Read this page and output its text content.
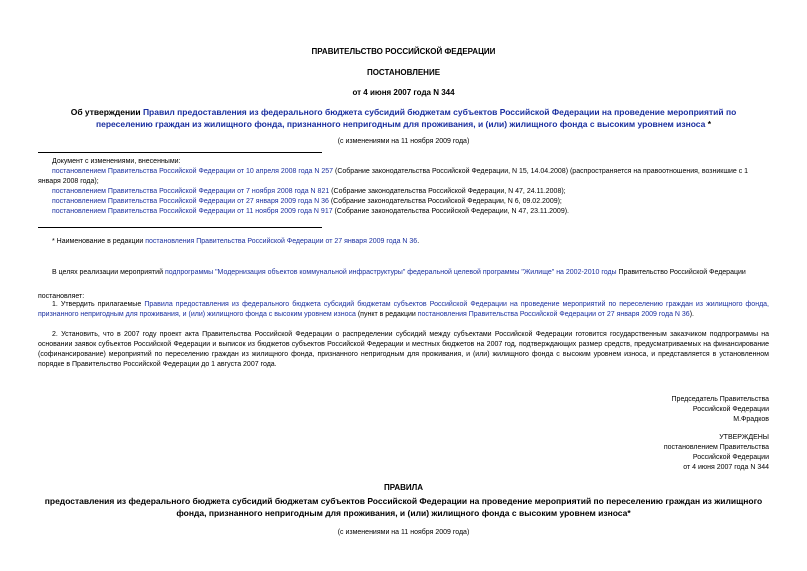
ПРАВИТЕЛЬСТВО РОССИЙСКОЙ ФЕДЕРАЦИИ
ПОСТАНОВЛЕНИЕ
от 4 июня 2007 года N 344
Об утверждении Правил предоставления из федерального бюджета субсидий бюджетам субъектов Российской Федерации на проведение мероприятий по переселению граждан из жилищного фонда, признанного непригодным для проживания, и (или) жилищного фонда с высоким уровнем износа *
(с изменениями на 11 ноября 2009 года)
Документ с изменениями, внесенными:
постановлением Правительства Российской Федерации от 10 апреля 2008 года N 257 (Собрание законодательства Российской Федерации, N 15, 14.04.2008) (распространяется на правоотношения, возникшие с 1 января 2008 года);
постановлением Правительства Российской Федерации от 7 ноября 2008 года N 821 (Собрание законодательства Российской Федерации, N 47, 24.11.2008);
постановлением Правительства Российской Федерации от 27 января 2009 года N 36 (Собрание законодательства Российской Федерации, N 6, 09.02.2009);
постановлением Правительства Российской Федерации от 11 ноября 2009 года N 917 (Собрание законодательства Российской Федерации, N 47, 23.11.2009).
* Наименование в редакции постановления Правительства Российской Федерации от 27 января 2009 года N 36.
В целях реализации мероприятий подпрограммы "Модернизация объектов коммунальной инфраструктуры" федеральной целевой программы "Жилище" на 2002-2010 годы Правительство Российской Федерации
постановляет:
1. Утвердить прилагаемые Правила предоставления из федерального бюджета субсидий бюджетам субъектов Российской Федерации на проведение мероприятий по переселению граждан из жилищного фонда, признанного непригодным для проживания, и (или) жилищного фонда с высоким уровнем износа (пункт в редакции постановления Правительства Российской Федерации от 27 января 2009 года N 36).
2. Установить, что в 2007 году проект акта Правительства Российской Федерации о распределении субсидий между субъектами Российской Федерации готовится государственным заказчиком подпрограммы на основании заявок субъектов Российской Федерации и выписок из бюджетов субъектов Российской Федерации и местных бюджетов на 2007 год, подтверждающих размер средств, предусматриваемых на финансирование (софинансирование) мероприятий по переселению граждан из жилищного фонда, признанного непригодным для проживания, и (или) жилищного фонда с высоким уровнем износа, и представляется в установленном порядке в Правительство Российской Федерации до 1 августа 2007 года.
Председатель Правительства
Российской Федерации
М.Фрадков
УТВЕРЖДЕНЫ
постановлением Правительства
Российской Федерации
от 4 июня 2007 года N 344
ПРАВИЛА
предоставления из федерального бюджета субсидий бюджетам субъектов Российской Федерации на проведение мероприятий по переселению граждан из жилищного фонда, признанного непригодным для проживания, и (или) жилищного фонда с высоким уровнем износа*
(с изменениями на 11 ноября 2009 года)
